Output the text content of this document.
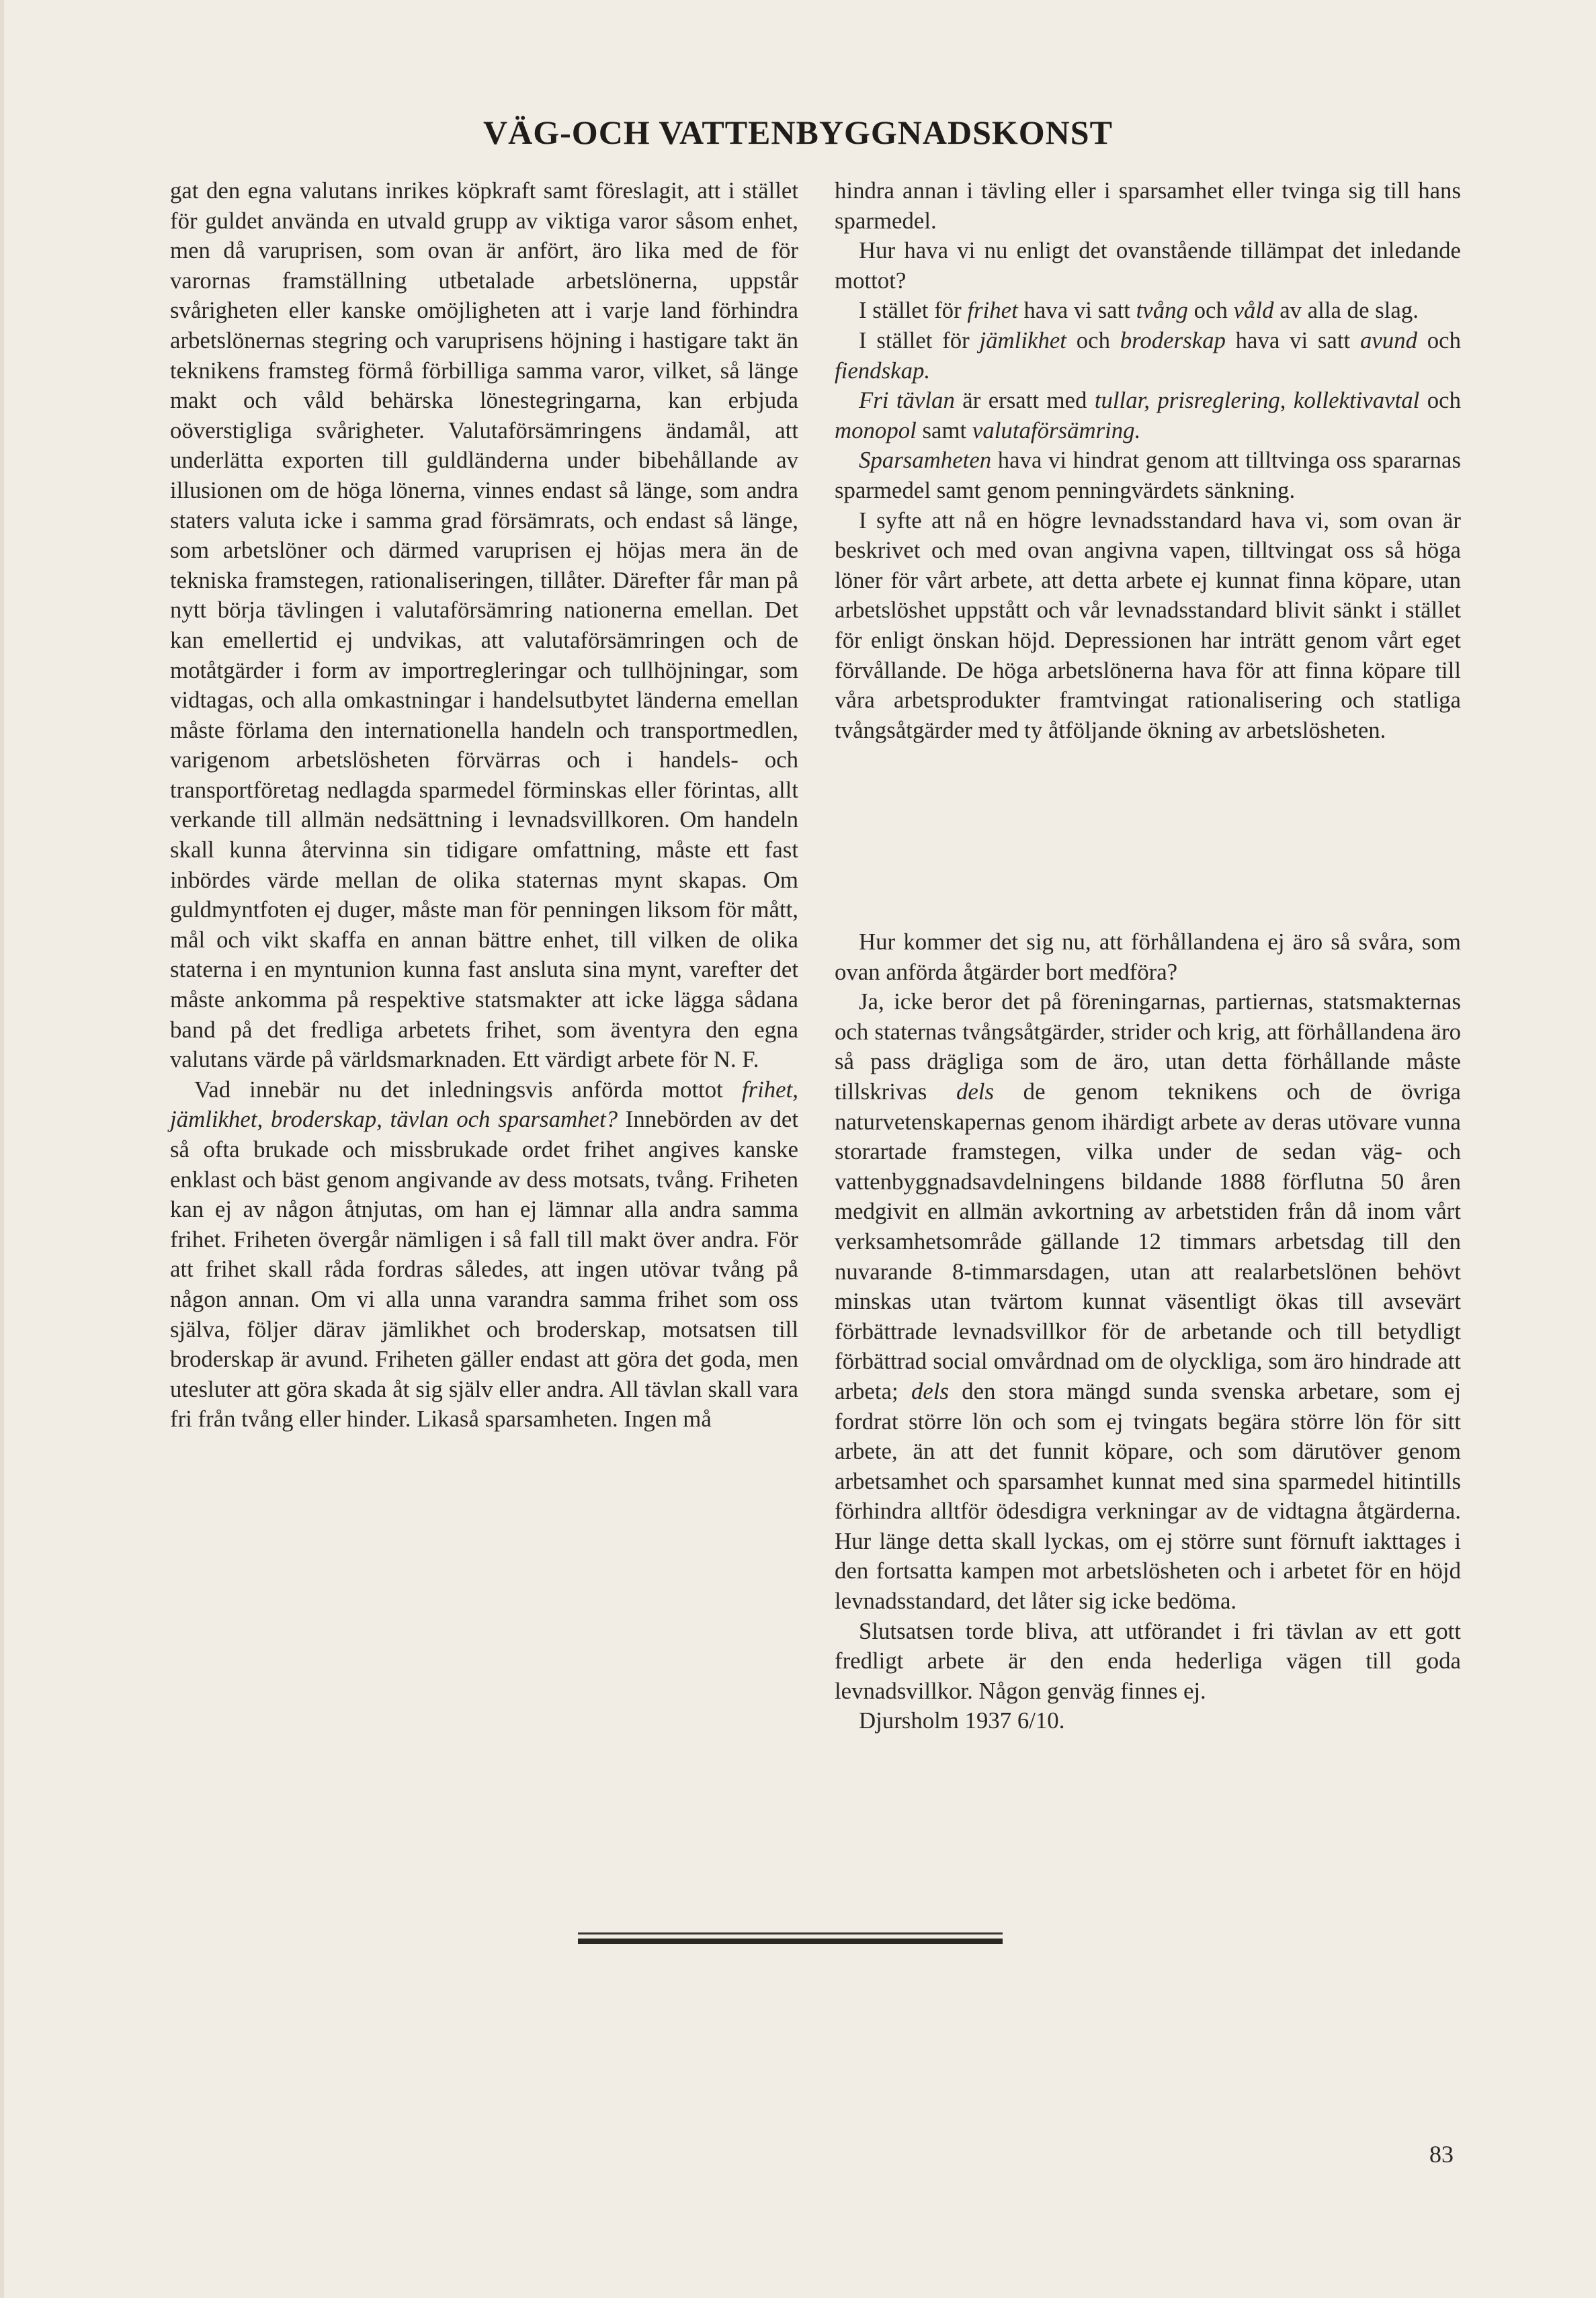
VÄG-OCH VATTENBYGGNADSKONST

gat den egna valutans inrikes köpkraft samt föreslagit, att i stället för guldet använda en utvald grupp av viktiga varor såsom enhet, men då varuprisen, som ovan är anfört, äro lika med de för varornas framställning utbetalade arbetslönerna, uppstår svårigheten eller kanske omöjligheten att i varje land förhindra arbetslönernas stegring och varuprisens höjning i hastigare takt än teknikens framsteg förmå förbilliga samma varor, vilket, så länge makt och våld behärska lönestegringarna, kan erbjuda oöverstigliga svårigheter. Valutaförsämringens ändamål, att underlätta exporten till guldländerna under bibehållande av illusionen om de höga lönerna, vinnes endast så länge, som andra staters valuta icke i samma grad försämrats, och endast så länge, som arbetslöner och därmed varuprisen ej höjas mera än de tekniska framstegen, rationaliseringen, tillåter. Därefter får man på nytt börja tävlingen i valutaförsämring nationerna emellan. Det kan emellertid ej undvikas, att valutaförsämringen och de motåtgärder i form av importregleringar och tullhöjningar, som vidtagas, och alla omkastningar i handelsutbytet länderna emellan måste förlama den internationella handeln och transportmedlen, varigenom arbetslösheten förvärras och i handels- och transportföretag nedlagda sparmedel förminskas eller förintas, allt verkande till allmän nedsättning i levnadsvillkoren. Om handeln skall kunna återvinna sin tidigare omfattning, måste ett fast inbördes värde mellan de olika staternas mynt skapas. Om guldmyntfoten ej duger, måste man för penningen liksom för mått, mål och vikt skaffa en annan bättre enhet, till vilken de olika staterna i en myntunion kunna fast ansluta sina mynt, varefter det måste ankomma på respektive statsmakter att icke lägga sådana band på det fredliga arbetets frihet, som äventyra den egna valutans värde på världsmarknaden. Ett värdigt arbete för N. F.

Vad innebär nu det inledningsvis anförda mottot frihet, jämlikhet, broderskap, tävlan och sparsamhet? Innebörden av det så ofta brukade och missbrukade ordet frihet angives kanske enklast och bäst genom angivande av dess motsats, tvång. Friheten kan ej av någon åtnjutas, om han ej lämnar alla andra samma frihet. Friheten övergår nämligen i så fall till makt över andra. För att frihet skall råda fordras således, att ingen utövar tvång på någon annan. Om vi alla unna varandra samma frihet som oss själva, följer därav jämlikhet och broderskap, motsatsen till broderskap är avund. Friheten gäller endast att göra det goda, men utesluter att göra skada åt sig själv eller andra. All tävlan skall vara fri från tvång eller hinder. Likaså sparsamheten. Ingen må

hindra annan i tävling eller i sparsamhet eller tvinga sig till hans sparmedel.

Hur hava vi nu enligt det ovanstående tillämpat det inledande mottot?

I stället för frihet hava vi satt tvång och våld av alla de slag.

I stället för jämlikhet och broderskap hava vi satt avund och fiendskap.

Fri tävlan är ersatt med tullar, prisreglering, kollektivavtal och monopol samt valutaförsämring.

Sparsamheten hava vi hindrat genom att tilltvinga oss spararnas sparmedel samt genom penningvärdets sänkning.

I syfte att nå en högre levnadsstandard hava vi, som ovan är beskrivet och med ovan angivna vapen, tilltvingat oss så höga löner för vårt arbete, att detta arbete ej kunnat finna köpare, utan arbetslöshet uppstått och vår levnadsstandard blivit sänkt i stället för enligt önskan höjd. Depressionen har inträtt genom vårt eget förvållande. De höga arbetslönerna hava för att finna köpare till våra arbetsprodukter framtvingat rationalisering och statliga tvångsåtgärder med ty åtföljande ökning av arbetslösheten.

Hur kommer det sig nu, att förhållandena ej äro så svåra, som ovan anförda åtgärder bort medföra?

Ja, icke beror det på föreningarnas, partiernas, statsmakternas och staternas tvångsåtgärder, strider och krig, att förhållandena äro så pass drägliga som de äro, utan detta förhållande måste tillskrivas dels de genom teknikens och de övriga naturvetenskapernas genom ihärdigt arbete av deras utövare vunna storartade framstegen, vilka under de sedan väg- och vattenbyggnadsavdelningens bildande 1888 förflutna 50 åren medgivit en allmän avkortning av arbetstiden från då inom vårt verksamhetsområde gällande 12 timmars arbetsdag till den nuvarande 8-timmarsdagen, utan att realarbetslönen behövt minskas utan tvärtom kunnat väsentligt ökas till avsevärt förbättrade levnadsvillkor för de arbetande och till betydligt förbättrad social omvårdnad om de olyckliga, som äro hindrade att arbeta; dels den stora mängd sunda svenska arbetare, som ej fordrat större lön och som ej tvingats begära större lön för sitt arbete, än att det funnit köpare, och som därutöver genom arbetsamhet och sparsamhet kunnat med sina sparmedel hitintills förhindra alltför ödesdigra verkningar av de vidtagna åtgärderna. Hur länge detta skall lyckas, om ej större sunt förnuft iakttages i den fortsatta kampen mot arbetslösheten och i arbetet för en höjd levnadsstandard, det låter sig icke bedöma.

Slutsatsen torde bliva, att utförandet i fri tävlan av ett gott fredligt arbete är den enda hederliga vägen till goda levnadsvillkor. Någon genväg finnes ej.

Djursholm 1937 6/10.

83
